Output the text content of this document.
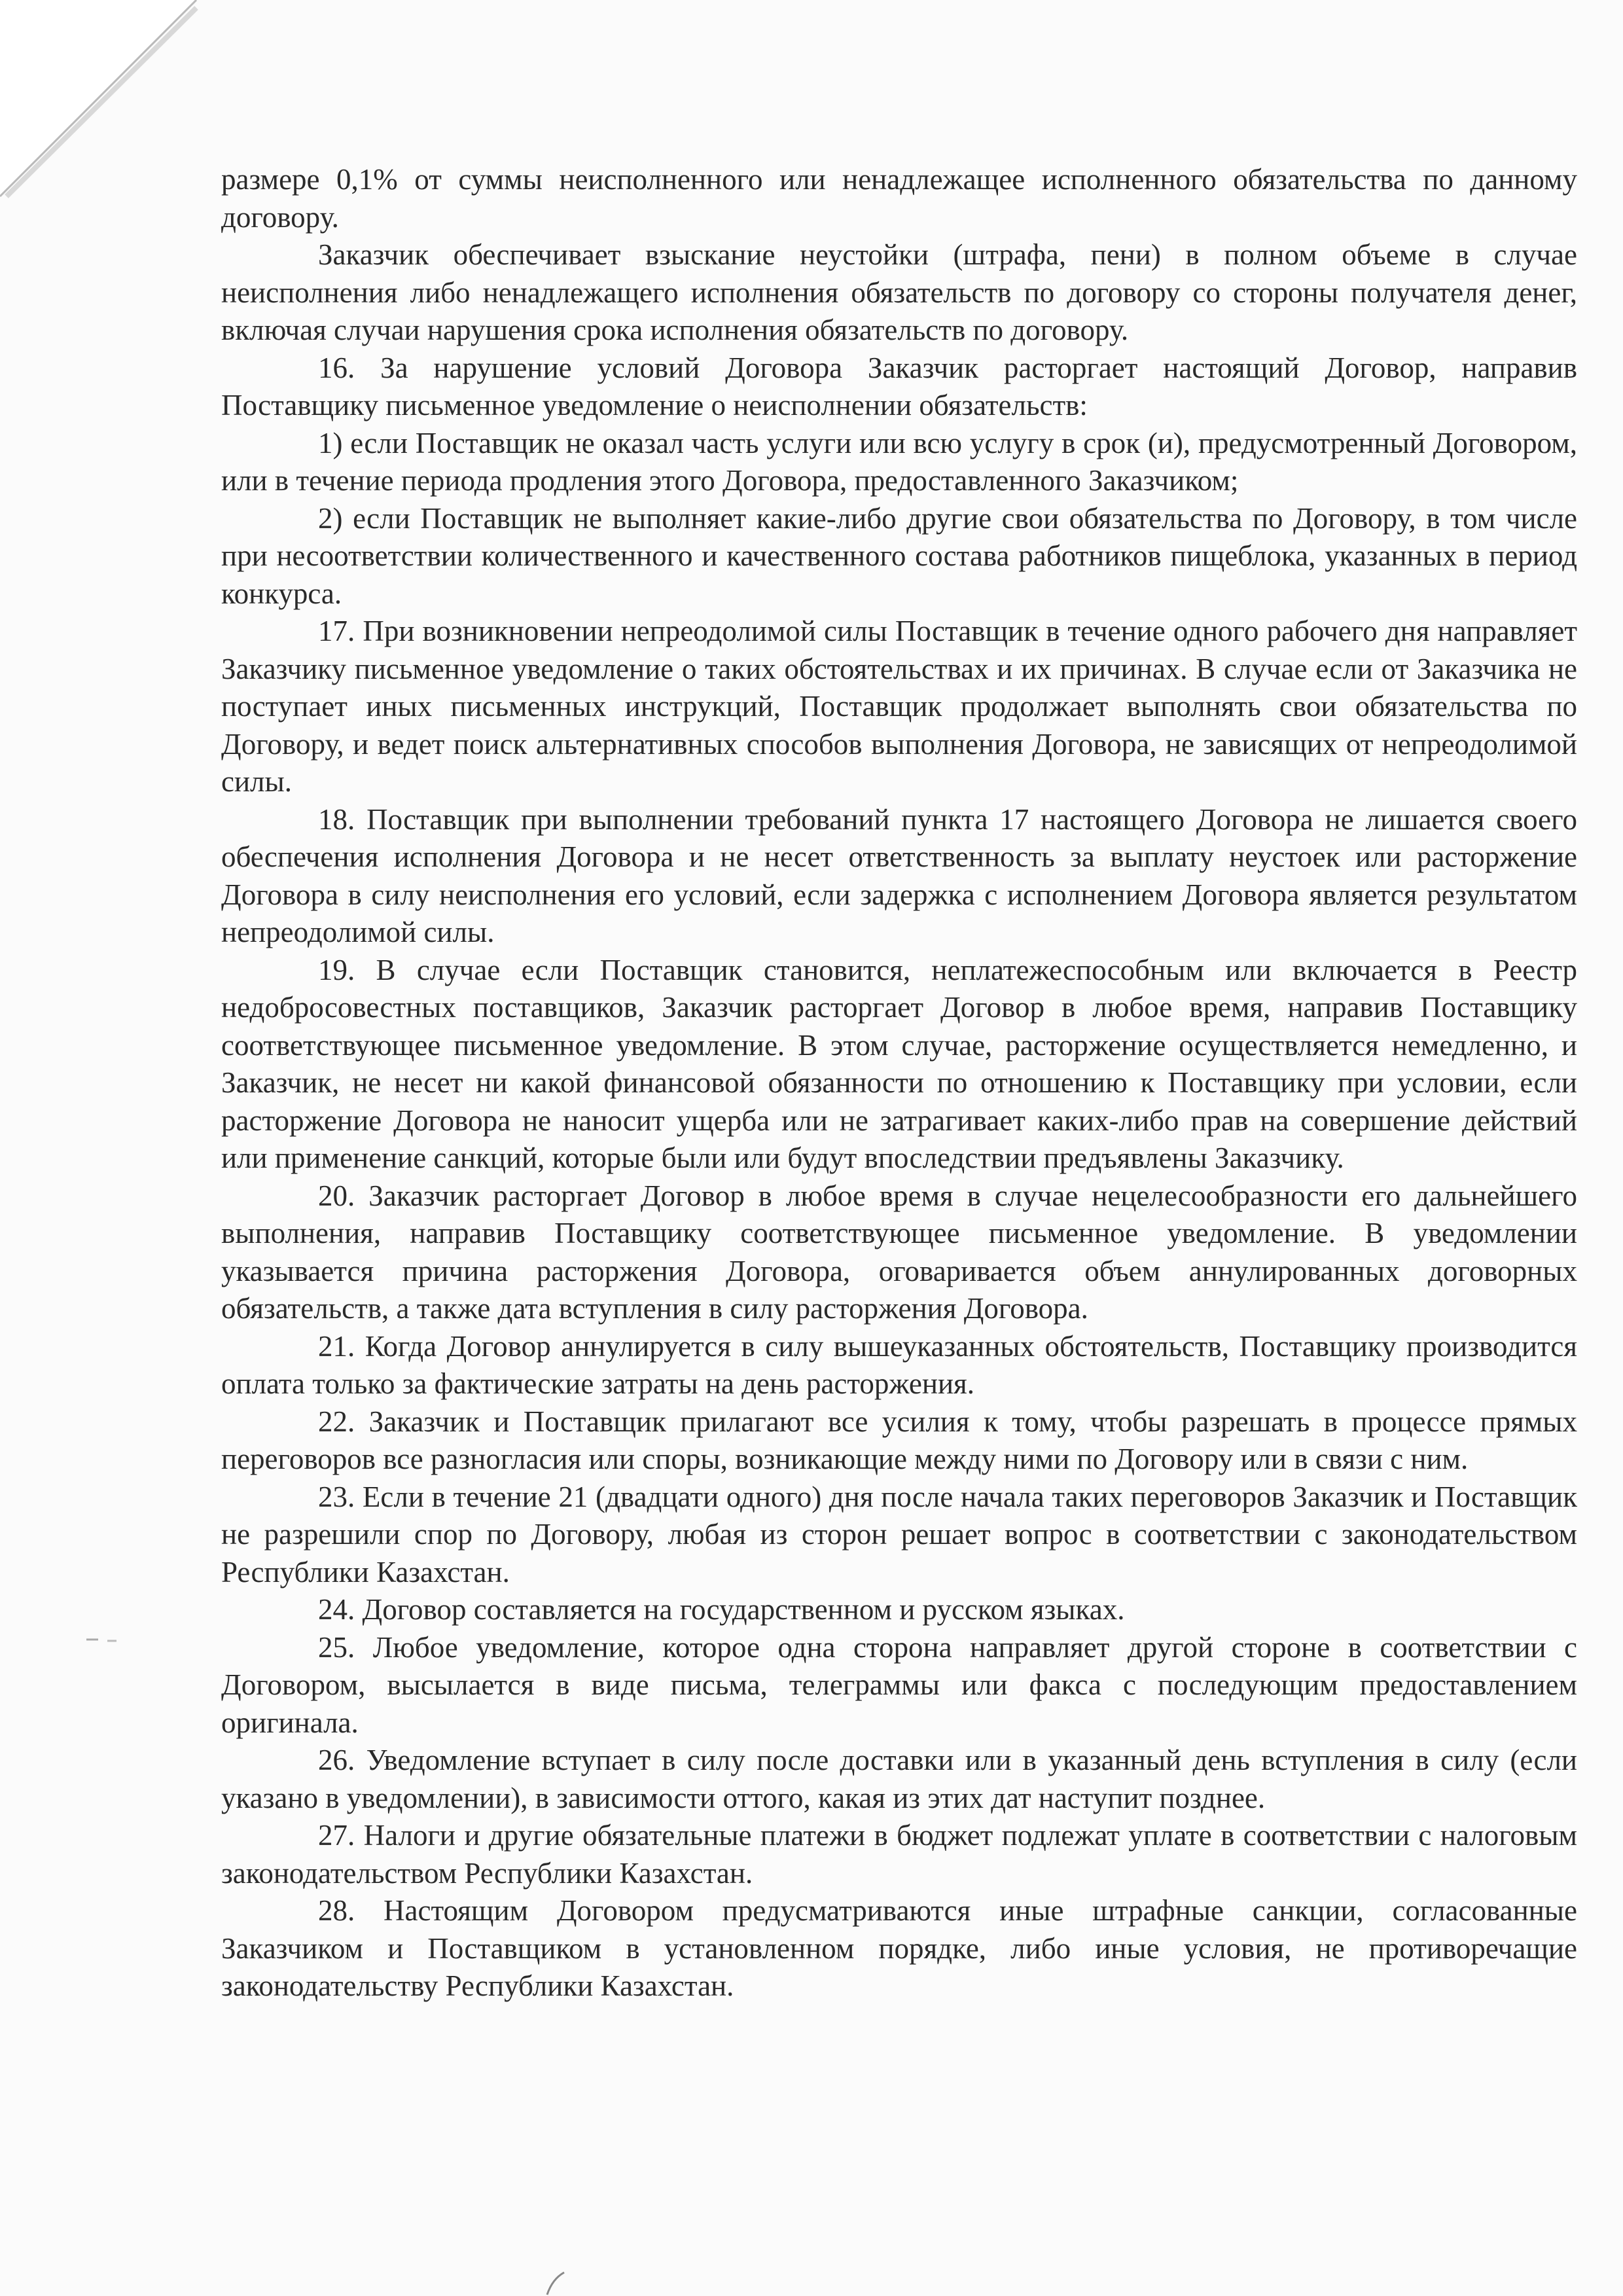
размере 0,1% от суммы неисполненного или ненадлежащее исполненного обязательства по данному договору.

Заказчик обеспечивает взыскание неустойки (штрафа, пени) в полном объеме в случае неисполнения либо ненадлежащего исполнения обязательств по договору со стороны получателя денег, включая случаи нарушения срока исполнения обязательств по договору.

16. За нарушение условий Договора Заказчик расторгает настоящий Договор, направив Поставщику письменное уведомление о неисполнении обязательств:

1) если Поставщик не оказал часть услуги или всю услугу в срок (и), предусмотренный Договором, или в течение периода продления этого Договора, предоставленного Заказчиком;

2) если Поставщик не выполняет какие-либо другие свои обязательства по Договору, в том числе при несоответствии количественного и качественного состава работников пищеблока, указанных в период конкурса.

17. При возникновении непреодолимой силы Поставщик в течение одного рабочего дня направляет Заказчику письменное уведомление о таких обстоятельствах и их причинах. В случае если от Заказчика не поступает иных письменных инструкций, Поставщик продолжает выполнять свои обязательства по Договору, и ведет поиск альтернативных способов выполнения Договора, не зависящих от непреодолимой силы.

18. Поставщик при выполнении требований пункта 17 настоящего Договора не лишается своего обеспечения исполнения Договора и не несет ответственность за выплату неустоек или расторжение Договора в силу неисполнения его условий, если задержка с исполнением Договора является результатом непреодолимой силы.

19. В случае если Поставщик становится, неплатежеспособным или включается в Реестр недобросовестных поставщиков, Заказчик расторгает Договор в любое время, направив Поставщику соответствующее письменное уведомление. В этом случае, расторжение осуществляется немедленно, и Заказчик, не несет ни какой финансовой обязанности по отношению к Поставщику при условии, если расторжение Договора не наносит ущерба или не затрагивает каких-либо прав на совершение действий или применение санкций, которые были или будут впоследствии предъявлены Заказчику.

20. Заказчик расторгает Договор в любое время в случае нецелесообразности его дальнейшего выполнения, направив Поставщику соответствующее письменное уведомление. В уведомлении указывается причина расторжения Договора, оговаривается объем аннулированных договорных обязательств, а также дата вступления в силу расторжения Договора.

21. Когда Договор аннулируется в силу вышеуказанных обстоятельств, Поставщику производится оплата только за фактические затраты на день расторжения.

22. Заказчик и Поставщик прилагают все усилия к тому, чтобы разрешать в процессе прямых переговоров все разногласия или споры, возникающие между ними по Договору или в связи с ним.

23. Если в течение 21 (двадцати одного) дня после начала таких переговоров Заказчик и Поставщик не разрешили спор по Договору, любая из сторон решает вопрос в соответствии с законодательством Республики Казахстан.

24. Договор составляется на государственном и русском языках.

25. Любое уведомление, которое одна сторона направляет другой стороне в соответствии с Договором, высылается в виде письма, телеграммы или факса с последующим предоставлением оригинала.

26. Уведомление вступает в силу после доставки или в указанный день вступления в силу (если указано в уведомлении), в зависимости оттого, какая из этих дат наступит позднее.

27. Налоги и другие обязательные платежи в бюджет подлежат уплате в соответствии с налоговым законодательством Республики Казахстан.

28. Настоящим Договором предусматриваются иные штрафные санкции, согласованные Заказчиком и Поставщиком в установленном порядке, либо иные условия, не противоречащие законодательству Республики Казахстан.
